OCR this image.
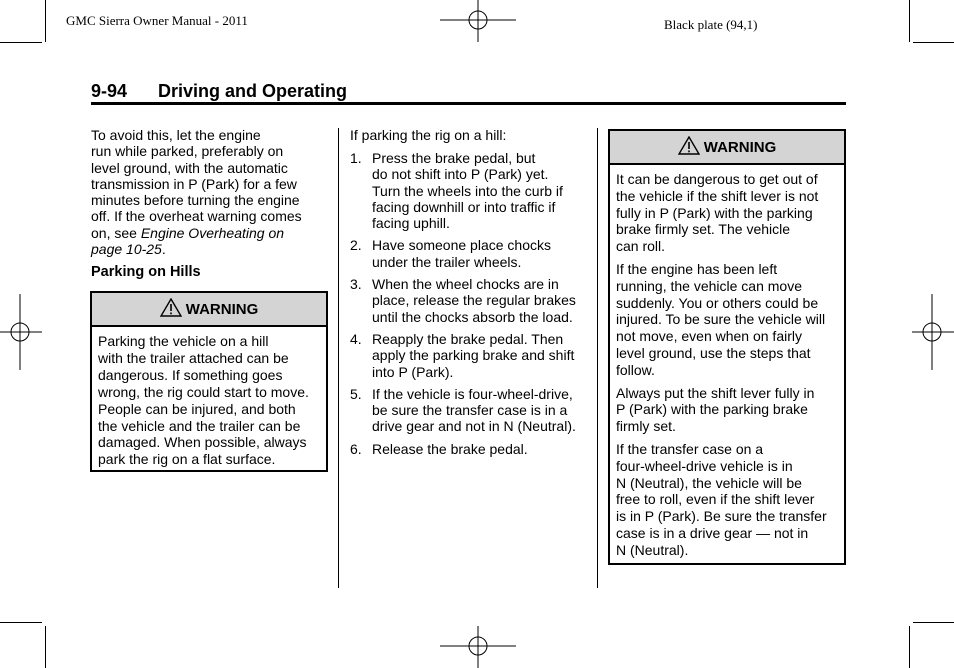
GMC Sierra Owner Manual - 2011	Black plate (94,1)
9-94 Driving and Operating
To avoid this, let the engine
run while parked, preferably on
level ground, with the automatic
transmission in P (Park) for a few
minutes before turning the engine
off. If the overheat warning comes
on, see Engine Overheating on
page 10-25.
Parking on Hills
WARNING
Parking the vehicle on a hill
with the trailer attached can be
dangerous. If something goes
wrong, the rig could start to move.
People can be injured, and both
the vehicle and the trailer can be
damaged. When possible, always
park the rig on a flat surface.
If parking the rig on a hill:
1. Press the brake pedal, but
do not shift into P (Park) yet.
Turn the wheels into the curb if
facing downhill or into traffic if
facing uphill.
2. Have someone place chocks
under the trailer wheels.
3. When the wheel chocks are in
place, release the regular brakes
until the chocks absorb the load.
4. Reapply the brake pedal. Then
apply the parking brake and shift
into P (Park).
5. If the vehicle is four-wheel-drive,
be sure the transfer case is in a
drive gear and not in N (Neutral).
6. Release the brake pedal.
WARNING

It can be dangerous to get out of
the vehicle if the shift lever is not
fully in P (Park) with the parking
brake firmly set. The vehicle
can roll.

If the engine has been left
running, the vehicle can move
suddenly. You or others could be
injured. To be sure the vehicle will
not move, even when on fairly
level ground, use the steps that
follow.

Always put the shift lever fully in
P (Park) with the parking brake
firmly set.

If the transfer case on a
four-wheel-drive vehicle is in
N (Neutral), the vehicle will be
free to roll, even if the shift lever
is in P (Park). Be sure the transfer
case is in a drive gear — not in
N (Neutral).
